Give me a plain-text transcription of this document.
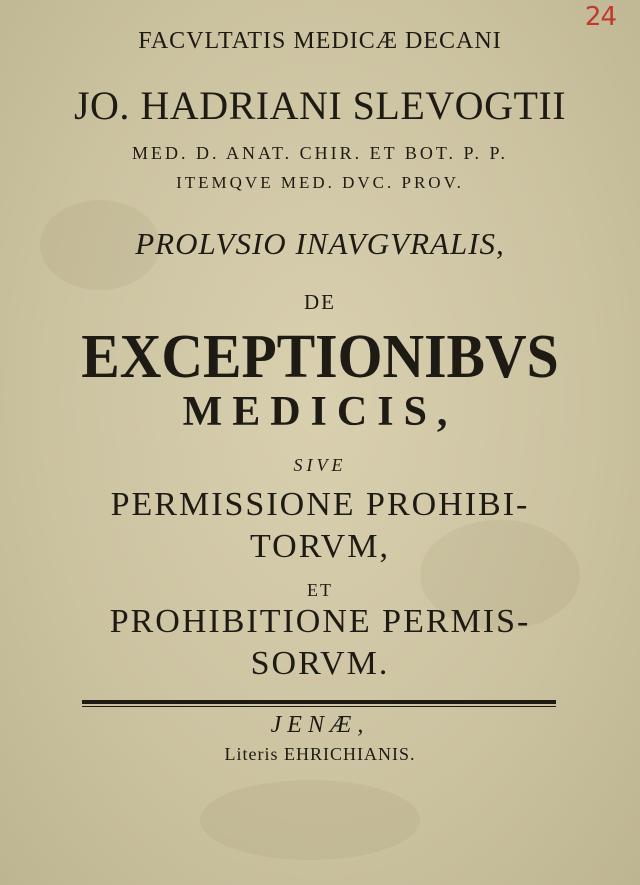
24
FACVLTATIS MEDICÆ DECANI
JO. HADRIANI SLEVOGTII
MED. D. ANAT. CHIR. ET BOT. P. P.
ITEMQVE MED. DVC. PROV.
PROLVSIO INAVGVRALIS,
DE
EXCEPTIONIBVS
MEDICIS,
SIVE
PERMISSIONE PROHIBI-
TORVM,
ET
PROHIBITIONE PERMIS-
SORVM.
JENÆ,
Literis EHRICHIANIS.
